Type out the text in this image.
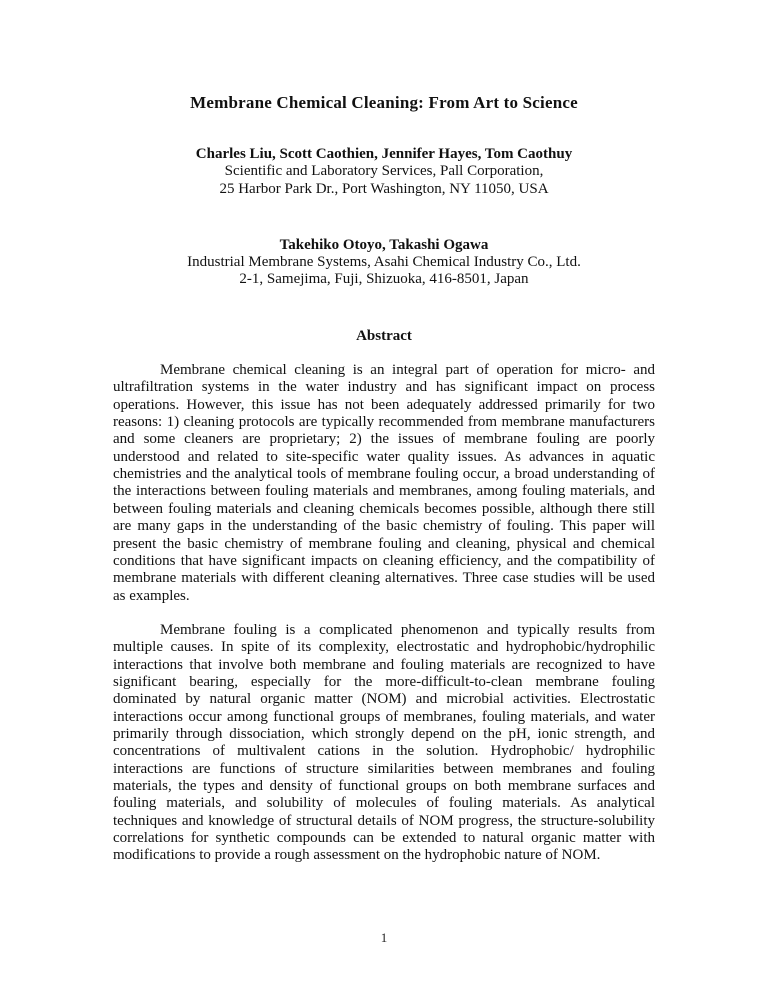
Membrane Chemical Cleaning: From Art to Science

Charles Liu, Scott Caothien, Jennifer Hayes, Tom Caothuy

Scientific and Laboratory Services, Pall Corporation,

25 Harbor Park Dr., Port Washington, NY 11050, USA

Takehiko Otoyo, Takashi Ogawa

Industrial Membrane Systems, Asahi Chemical Industry Co., Ltd.

2-1, Samejima, Fuji, Shizuoka, 416-8501, Japan

Abstract

Membrane chemical cleaning is an integral part of operation for micro- and ultrafiltration systems in the water industry and has significant impact on process operations. However, this issue has not been adequately addressed primarily for two reasons: 1) cleaning protocols are typically recommended from membrane manufacturers and some cleaners are proprietary; 2) the issues of membrane fouling are poorly understood and related to site-specific water quality issues. As advances in aquatic chemistries and the analytical tools of membrane fouling occur, a broad understanding of the interactions between fouling materials and membranes, among fouling materials, and between fouling materials and cleaning chemicals becomes possible, although there still are many gaps in the understanding of the basic chemistry of fouling. This paper will present the basic chemistry of membrane fouling and cleaning, physical and chemical conditions that have significant impacts on cleaning efficiency, and the compatibility of membrane materials with different cleaning alternatives. Three case studies will be used as examples.

Membrane fouling is a complicated phenomenon and typically results from multiple causes. In spite of its complexity, electrostatic and hydrophobic/hydrophilic interactions that involve both membrane and fouling materials are recognized to have significant bearing, especially for the more-difficult-to-clean membrane fouling dominated by natural organic matter (NOM) and microbial activities. Electrostatic interactions occur among functional groups of membranes, fouling materials, and water primarily through dissociation, which strongly depend on the pH, ionic strength, and concentrations of multivalent cations in the solution. Hydrophobic/ hydrophilic interactions are functions of structure similarities between membranes and fouling materials, the types and density of functional groups on both membrane surfaces and fouling materials, and solubility of molecules of fouling materials. As analytical techniques and knowledge of structural details of NOM progress, the structure-solubility correlations for synthetic compounds can be extended to natural organic matter with modifications to provide a rough assessment on the hydrophobic nature of NOM.

1
